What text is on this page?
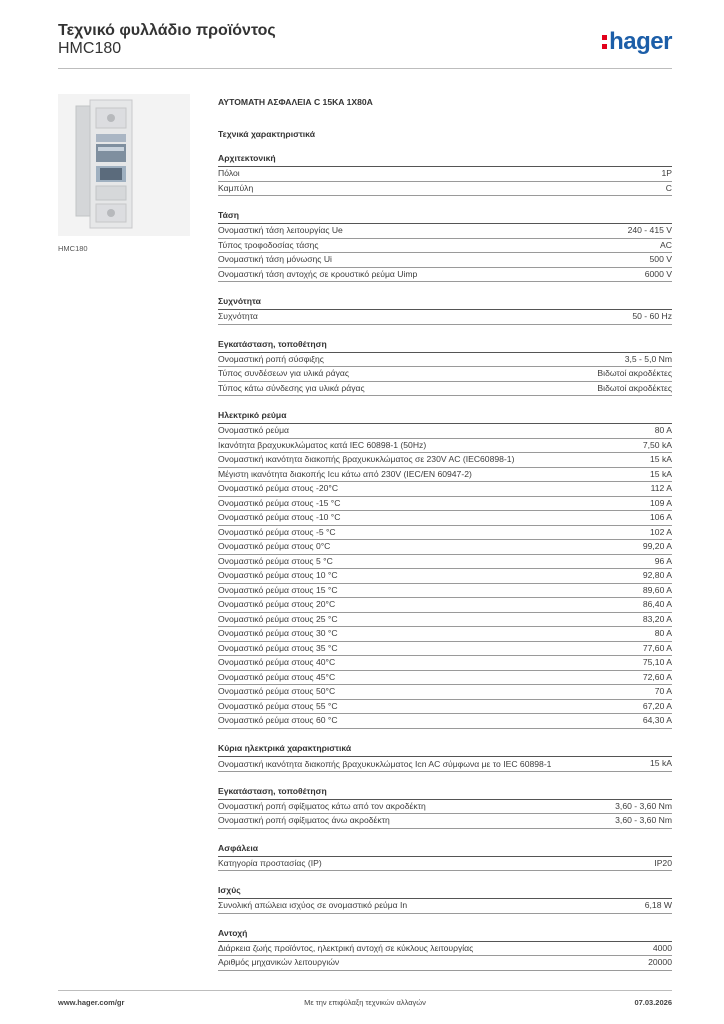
Τεχνικό φυλλάδιο προϊόντος
HMC180	hager
HMC180
ΑΥΤΟΜΑΤΗ ΑΣΦΑΛΕΙΑ C 15KA 1X80A
Τεχνικά χαρακτηριστικά
Αρχιτεκτονική
Πόλοι	1P
Καμπύλη	C
Τάση
Ονομαστική τάση λειτουργίας Ue	240 - 415 V
Τύπος τροφοδοσίας τάσης	AC
Ονομαστική τάση μόνωσης Ui	500 V
Ονομαστική τάση αντοχής σε κρουστικό ρεύμα Uimp	6000 V
Συχνότητα
Συχνότητα	50 - 60 Hz
Εγκατάσταση, τοποθέτηση
Ονομαστική ροπή σύσφιξης	3,5 - 5,0 Nm
Τύπος συνδέσεων για υλικά ράγας	Βιδωτοί ακροδέκτες
Τύπος κάτω σύνδεσης για υλικά ράγας	Βιδωτοί ακροδέκτες
Ηλεκτρικό ρεύμα
Ονομαστικό ρεύμα	80 A
Ικανότητα βραχυκυκλώματος κατά IEC 60898-1 (50Hz)	7,50 kA
Ονομαστική ικανότητα διακοπής βραχυκυκλώματος σε 230V AC (IEC60898-1)	15 kA
Μέγιστη ικανότητα διακοπής Icu κάτω από 230V (IEC/EN 60947-2)	15 kA
Ονομαστικό ρεύμα στους -20°C	112 A
Ονομαστικό ρεύμα στους -15 °C	109 A
Ονομαστικό ρεύμα στους -10 °C	106 A
Ονομαστικό ρεύμα στους -5 °C	102 A
Ονομαστικό ρεύμα στους 0°C	99,20 A
Ονομαστικό ρεύμα στους 5 °C	96 A
Ονομαστικό ρεύμα στους 10 °C	92,80 A
Ονομαστικό ρεύμα στους 15 °C	89,60 A
Ονομαστικό ρεύμα στους 20°C	86,40 A
Ονομαστικό ρεύμα στους 25 °C	83,20 A
Ονομαστικό ρεύμα στους 30 °C	80 A
Ονομαστικό ρεύμα στους 35 °C	77,60 A
Ονομαστικό ρεύμα στους 40°C	75,10 A
Ονομαστικό ρεύμα στους 45°C	72,60 A
Ονομαστικό ρεύμα στους 50°C	70 A
Ονομαστικό ρεύμα στους 55 °C	67,20 A
Ονομαστικό ρεύμα στους 60 °C	64,30 A
Κύρια ηλεκτρικά χαρακτηριστικά
Ονομαστική ικανότητα διακοπής βραχυκυκλώματος Icn AC σύμφωνα με το IEC 60898-1	15 kA
Εγκατάσταση, τοποθέτηση
Ονομαστική ροπή σφίξιματος κάτω από τον ακροδέκτη	3,60 - 3,60 Nm
Ονομαστική ροπή σφίξιματος άνω ακροδέκτη	3,60 - 3,60 Nm
Ασφάλεια
Κατηγορία προστασίας (IP)	IP20
Ισχύς
Συνολική απώλεια ισχύος σε ονομαστικό ρεύμα In	6,18 W
Αντοχή
Διάρκεια ζωής προϊόντος, ηλεκτρική αντοχή σε κύκλους λειτουργίας	4000
Αριθμός μηχανικών λειτουργιών	20000
www.hager.com/gr	Με την επιφύλαξη τεχνικών αλλαγών	07.03.2026
